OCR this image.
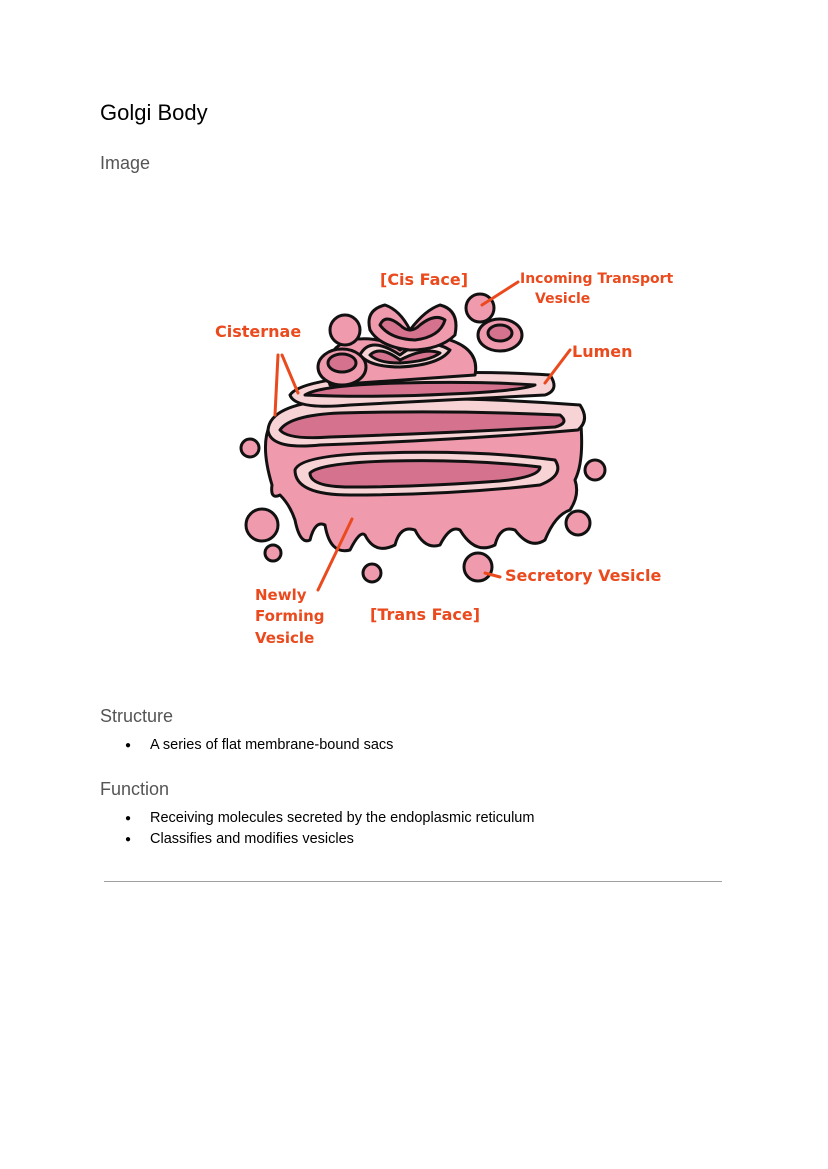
Golgi Body
Image
[Cis Face]	Incoming Transport
Vesicle
Cisternae
Lumen
Newly
Forming
Vesicle
[Trans Face]
Secretory Vesicle
Structure
● A series of flat membrane-bound sacs
Function
● Receiving molecules secreted by the endoplasmic reticulum
● Classifies and modifies vesicles
